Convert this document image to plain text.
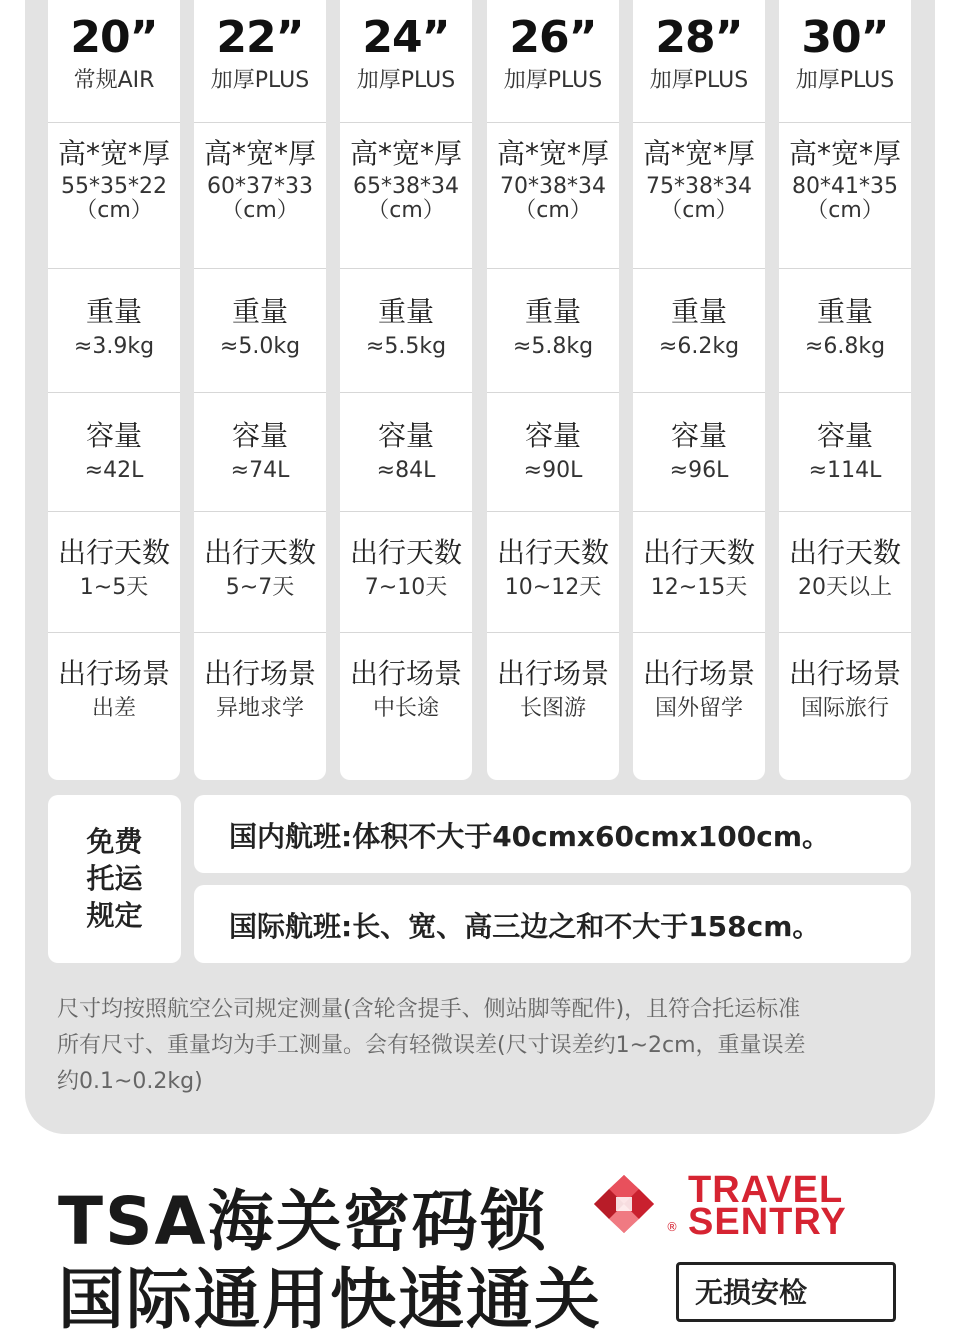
20”
常规AIR
高*宽*厚
55*35*22
（cm）
重量
≈3.9kg
容量
≈42L
出行天数
1~5天
出行场景
出差
22”
加厚PLUS
高*宽*厚
60*37*33
（cm）
重量
≈5.0kg
容量
≈74L
出行天数
5~7天
出行场景
异地求学
24”
加厚PLUS
高*宽*厚
65*38*34
（cm）
重量
≈5.5kg
容量
≈84L
出行天数
7~10天
出行场景
中长途
26”
加厚PLUS
高*宽*厚
70*38*34
（cm）
重量
≈5.8kg
容量
≈90L
出行天数
10~12天
出行场景
长图游
28”
加厚PLUS
高*宽*厚
75*38*34
（cm）
重量
≈6.2kg
容量
≈96L
出行天数
12~15天
出行场景
国外留学
30”
加厚PLUS
高*宽*厚
80*41*35
（cm）
重量
≈6.8kg
容量
≈114L
出行天数
20天以上
出行场景
国际旅行
免费
托运
规定
国内航班:体积不大于40cmx60cmx100cm。
国际航班:长、宽、高三边之和不大于158cm。
尺寸均按照航空公司规定测量(含轮含提手、侧站脚等配件)，且符合托运标准
所有尺寸、重量均为手工测量。会有轻微误差(尺寸误差约1~2cm，重量误差
约0.1~0.2kg)
TSA海关密码锁
国际通用快速通关
®
TRAVEL
SENTRY
无损安检
